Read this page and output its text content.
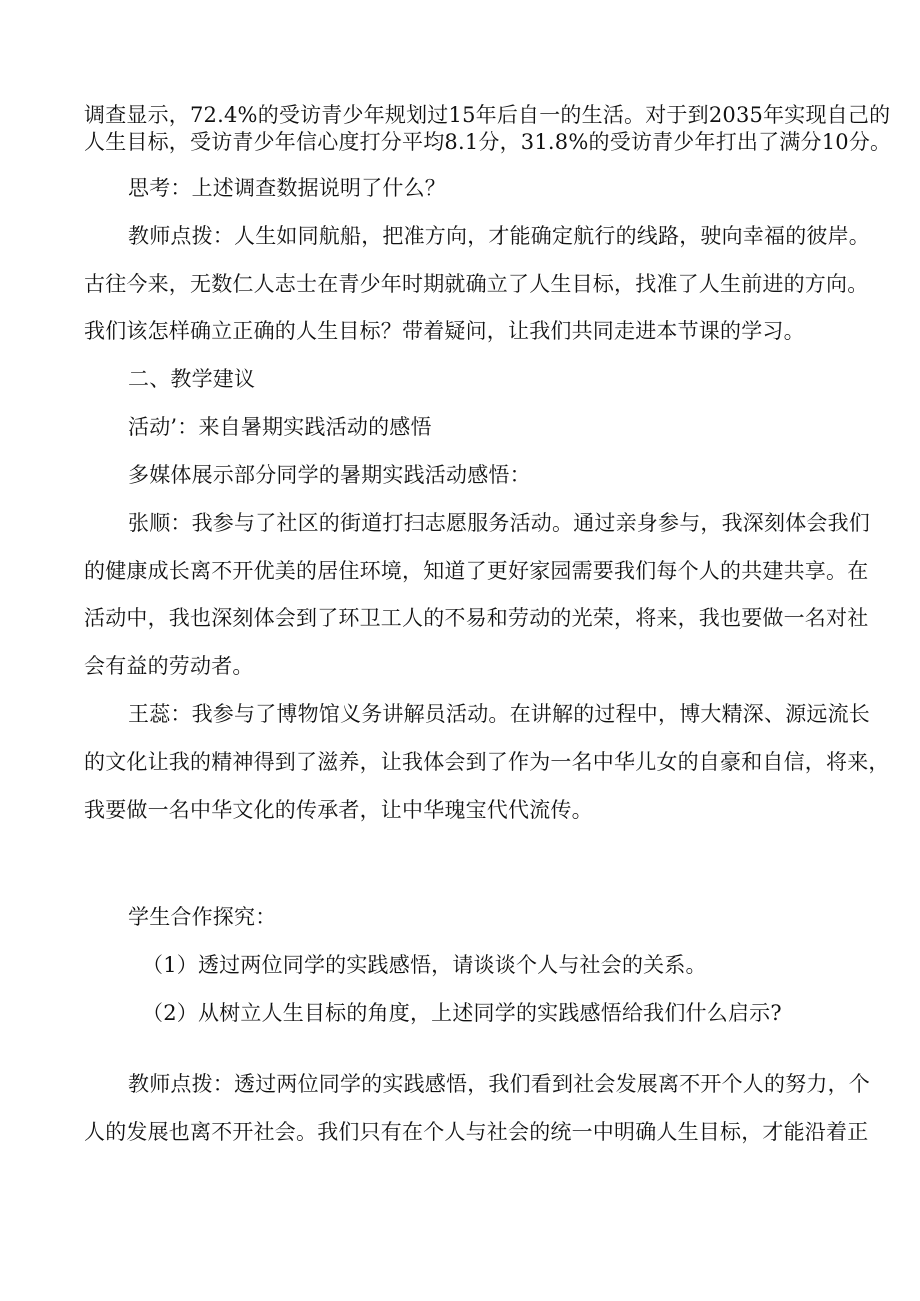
调查显示，72.4%的受访青少年规划过15年后自一的生活。对于到2035年实现自己的
人生目标，受访青少年信心度打分平均8.1分，31.8%的受访青少年打出了满分10分。
思考：上述调查数据说明了什么？
教师点拨：人生如同航船，把准方向，才能确定航行的线路，驶向幸福的彼岸。
古往今来，无数仁人志士在青少年时期就确立了人生目标，找准了人生前进的方向。
我们该怎样确立正确的人生目标？带着疑问，让我们共同走进本节课的学习。
二、教学建议
活动’：来自暑期实践活动的感悟
多媒体展示部分同学的暑期实践活动感悟：
张顺：我参与了社区的街道打扫志愿服务活动。通过亲身参与，我深刻体会我们
的健康成长离不开优美的居住环境，知道了更好家园需要我们每个人的共建共享。在
活动中，我也深刻体会到了环卫工人的不易和劳动的光荣，将来，我也要做一名对社
会有益的劳动者。
王蕊：我参与了博物馆义务讲解员活动。在讲解的过程中，博大精深、源远流长
的文化让我的精神得到了滋养，让我体会到了作为一名中华儿女的自豪和自信，将来，
我要做一名中华文化的传承者，让中华瑰宝代代流传。
学生合作探究：
（1）透过两位同学的实践感悟，请谈谈个人与社会的关系。
（2）从树立人生目标的角度，上述同学的实践感悟给我们什么启示?
教师点拨：透过两位同学的实践感悟，我们看到社会发展离不开个人的努力，个
人的发展也离不开社会。我们只有在个人与社会的统一中明确人生目标，才能沿着正
